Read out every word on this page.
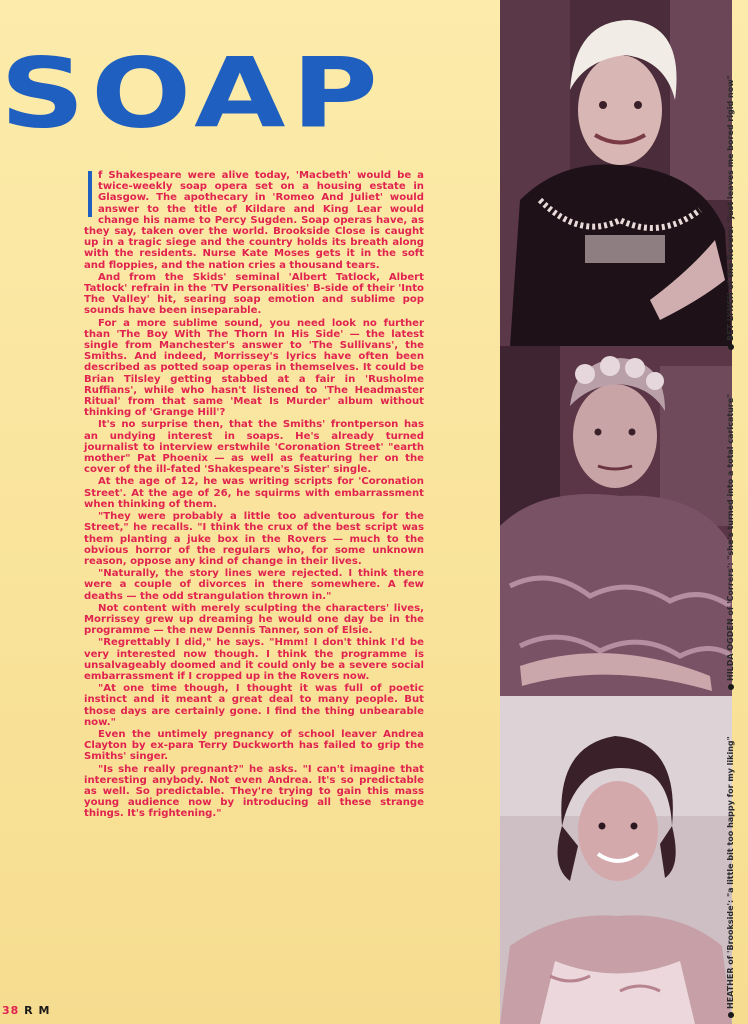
SOAP

f Shakespeare were alive today, 'Macbeth' would be a twice-weekly soap opera set on a housing estate in Glasgow. The apothecary in 'Romeo And Juliet' would answer to the title of Kildare and King Lear would change his name to Percy Sugden. Soap operas have, as they say, taken over the world. Brookside Close is caught up in a tragic siege and the country holds its breath along with the residents. Nurse Kate Moses gets it in the soft and floppies, and the nation cries a thousand tears.

And from the Skids' seminal 'Albert Tatlock, Albert Tatlock' refrain in the 'TV Personalities' B-side of their 'Into The Valley' hit, searing soap emotion and sublime pop sounds have been inseparable.

For a more sublime sound, you need look no further than 'The Boy With The Thorn In His Side' — the latest single from Manchester's answer to 'The Sullivans', the Smiths. And indeed, Morrissey's lyrics have often been described as potted soap operas in themselves. It could be Brian Tilsley getting stabbed at a fair in 'Rusholme Ruffians', while who hasn't listened to 'The Headmaster Ritual' from that same 'Meat Is Murder' album without thinking of 'Grange Hill'?

It's no surprise then, that the Smiths' frontperson has an undying interest in soaps. He's already turned journalist to interview erstwhile 'Coronation Street' "earth mother" Pat Phoenix — as well as featuring her on the cover of the ill-fated 'Shakespeare's Sister' single.

At the age of 12, he was writing scripts for 'Coronation Street'. At the age of 26, he squirms with embarrassment when thinking of them.

"They were probably a little too adventurous for the Street," he recalls. "I think the crux of the best script was them planting a juke box in the Rovers — much to the obvious horror of the regulars who, for some unknown reason, oppose any kind of change in their lives.

"Naturally, the story lines were rejected. I think there were a couple of divorces in there somewhere. A few deaths — the odd strangulation thrown in."

Not content with merely sculpting the characters' lives, Morrissey grew up dreaming he would one day be in the programme — the new Dennis Tanner, son of Elsie.

"Regrettably I did," he says. "Hmm! I don't think I'd be very interested now though. I think the programme is unsalvageably doomed and it could only be a severe social embarrassment if I cropped up in the Rovers now.

"At one time though, I thought it was full of poetic instinct and it meant a great deal to many people. But those days are certainly gone. I find the thing unbearable now."

Even the untimely pregnancy of school leaver Andrea Clayton by ex-para Terry Duckworth has failed to grip the Smiths' singer.

"Is she really pregnant?" he asks. "I can't imagine that interesting anybody. Not even Andrea. It's so predictable as well. So predictable. They're trying to gain this mass young audience now by introducing all these strange things. It's frightening."

38 R M
BET LYNCH of the Rovers: "just leaves me bored rigid now"
HILDA OGDEN of 'Corrers': "she's turned into a total caricature"
HEATHER of 'Brookside': "a little bit too happy for my liking"
